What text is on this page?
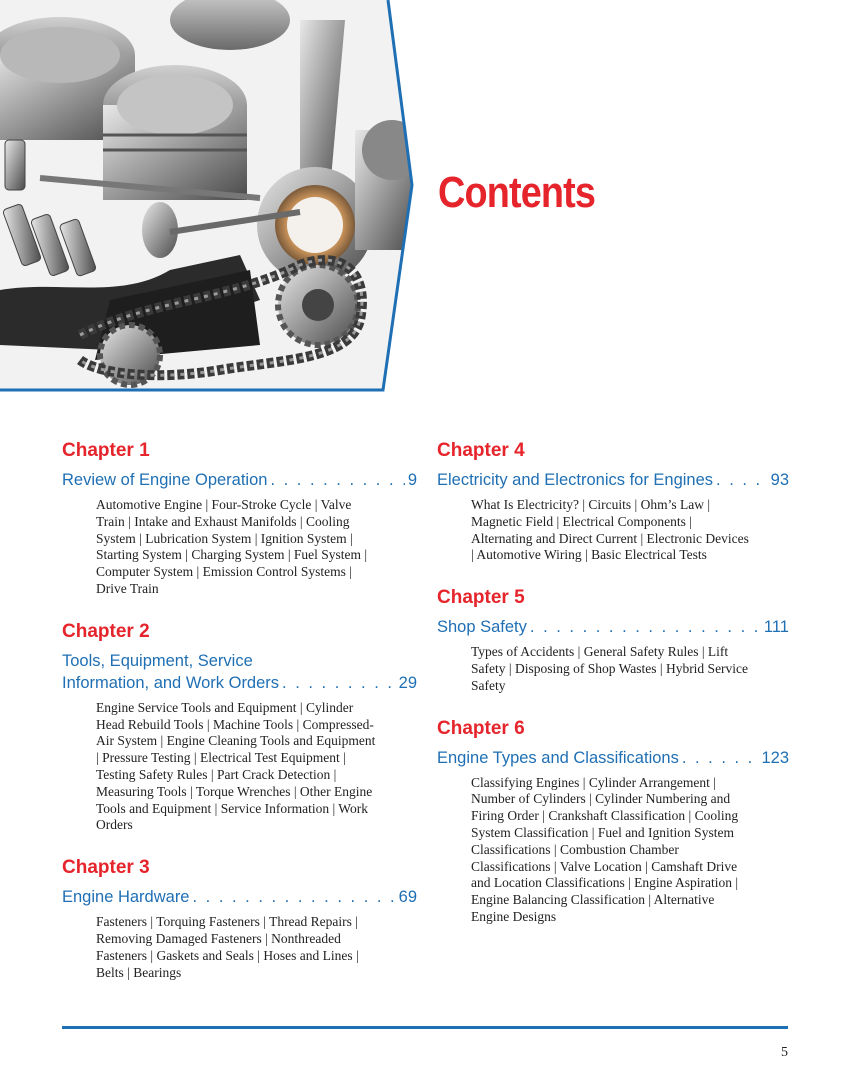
Contents
Chapter 1
Review of Engine Operation . . .	9

Automotive Engine | Four-Stroke Cycle | Valve Train | Intake and Exhaust Manifolds | Cooling System | Lubrication System | Ignition System | Starting System | Charging System | Fuel System | Computer System | Emission Control Systems | Drive Train

Chapter 2
Tools, Equipment, Service
Information, and Work Orders . . .	29

Engine Service Tools and Equipment | Cylinder Head Rebuild Tools | Machine Tools | Compressed-Air System | Engine Cleaning Tools and Equipment | Pressure Testing | Electrical Test Equipment | Testing Safety Rules | Part Crack Detection | Measuring Tools | Torque Wrenches | Other Engine Tools and Equipment | Service Information | Work Orders

Chapter 3
Engine Hardware . . .	69

Fasteners | Torquing Fasteners | Thread Repairs | Removing Damaged Fasteners | Nonthreaded Fasteners | Gaskets and Seals | Hoses and Lines | Belts | Bearings

Chapter 4
Electricity and Electronics for Engines . . .	93

What Is Electricity? | Circuits | Ohm’s Law | Magnetic Field | Electrical Components | Alternating and Direct Current | Electronic Devices | Automotive Wiring | Basic Electrical Tests

Chapter 5
Shop Safety . . .	111

Types of Accidents | General Safety Rules | Lift Safety | Disposing of Shop Wastes | Hybrid Service Safety

Chapter 6
Engine Types and Classifications . . .	123

Classifying Engines | Cylinder Arrangement | Number of Cylinders | Cylinder Numbering and Firing Order | Crankshaft Classification | Cooling System Classification | Fuel and Ignition System Classifications | Combustion Chamber Classifications | Valve Location | Camshaft Drive and Location Classifications | Engine Aspiration | Engine Balancing Classification | Alternative Engine Designs

5
